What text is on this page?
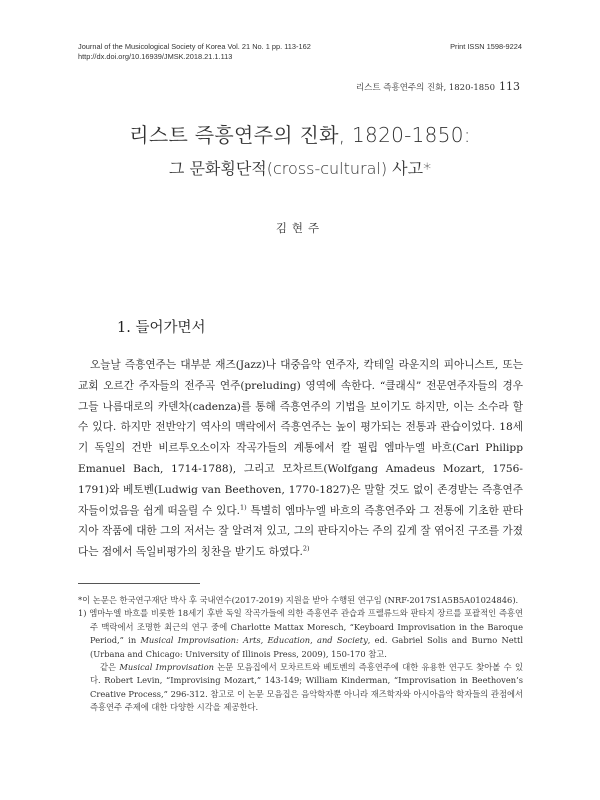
Journal of the Musicological Society of Korea Vol. 21 No. 1 pp. 113-162
http://dx.doi.org/10.16939/JMSK.2018.21.1.113
Print ISSN 1598-9224
리스트 즉흥연주의 진화, 1820-1850 113
리스트 즉흥연주의 진화, 1820-1850:
그 문화횡단적(cross-cultural) 사고*
김현주
1. 들어가면서

오늘날 즉흥연주는 대부분 재즈(Jazz)나 대중음악 연주자, 칵테일 라운지의 피아니스트, 또는 교회 오르간 주자들의 전주곡 연주(preluding) 영역에 속한다. “클래식” 전문연주자들의 경우 그들 나름대로의 카덴차(cadenza)를 통해 즉흥연주의 기법을 보이기도 하지만, 이는 소수라 할 수 있다. 하지만 전반악기 역사의 맥락에서 즉흥연주는 높이 평가되는 전통과 관습이었다. 18세기 독일의 건반 비르투오소이자 작곡가들의 계통에서 칼 필립 엠마누엘 바흐(Carl Philipp Emanuel Bach, 1714-1788), 그리고 모차르트(Wolfgang Amadeus Mozart, 1756-1791)와 베토벤(Ludwig van Beethoven, 1770-1827)은 말할 것도 없이 존경받는 즉흥연주자들이었음을 쉽게 떠올릴 수 있다.$^{1)}$ 특별히 엠마누엘 바흐의 즉흥연주와 그 전통에 기초한 판타지아 작품에 대한 그의 저서는 잘 알려져 있고, 그의 판타지아는 주의 깊게 잘 엮어진 구조를 가졌다는 점에서 독일비평가의 칭찬을 받기도 하였다.$^{2)}$

*이 논문은 한국연구재단 박사 후 국내연수(2017-2019) 지원을 받아 수행된 연구임 (NRF-2017S1A5B5A01024846).

1) 엠마누엘 바흐를 비롯한 18세기 후반 독일 작곡가들에 의한 즉흥연주 관습과 프렐류드와 판타지 장르를 포괄적인 즉흥연주 맥락에서 조명한 최근의 연구 중에 Charlotte Mattax Moresch, “Keyboard Improvisation in the Baroque Period,” in Musical Improvisation: Arts, Education, and Society, ed. Gabriel Solis and Burno Nettl (Urbana and Chicago: University of Illinois Press, 2009), 150-170 참고.

같은 Musical Improvisation 논문 모음집에서 모차르트와 베토벤의 즉흥연주에 대한 유용한 연구도 찾아볼 수 있다. Robert Levin, “Improvising Mozart,” 143-149; William Kinderman, “Improvisation in Beethoven’s Creative Process,” 296-312. 참고로 이 논문 모음집은 음악학자뿐 아니라 재즈학자와 아시아음악 학자들의 관점에서 즉흥연주 주제에 대한 다양한 시각을 제공한다.
